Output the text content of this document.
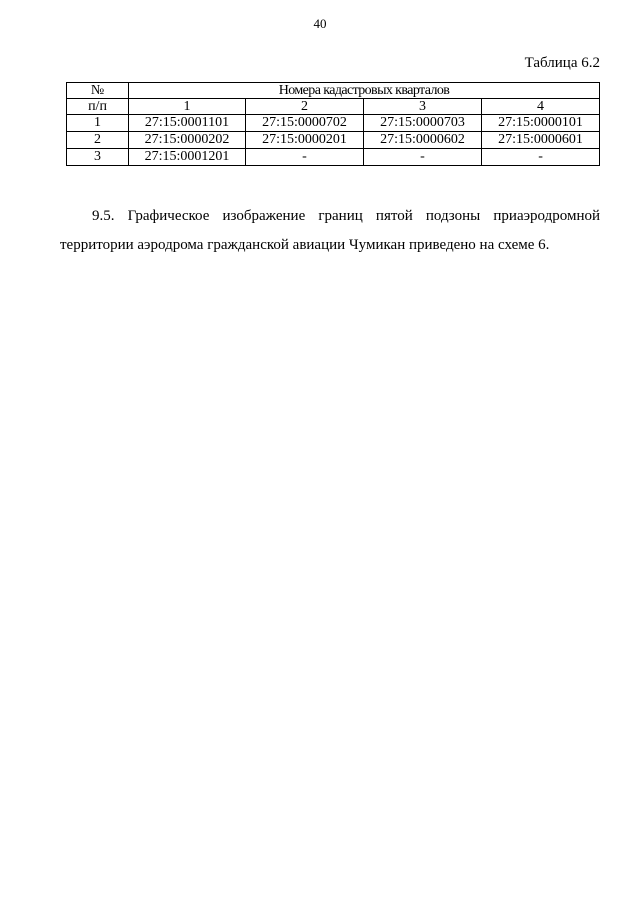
40
Таблица 6.2
№	Номера кадастровых кварталов			
п/п	1	2	3	4
1	27:15:0001101	27:15:0000702	27:15:0000703	27:15:0000101
2	27:15:0000202	27:15:0000201	27:15:0000602	27:15:0000601
3	27:15:0001201	-	-	-

9.5. Графическое изображение границ пятой подзоны приаэродромной территории аэродрома гражданской авиации Чумикан приведено на схеме 6.
